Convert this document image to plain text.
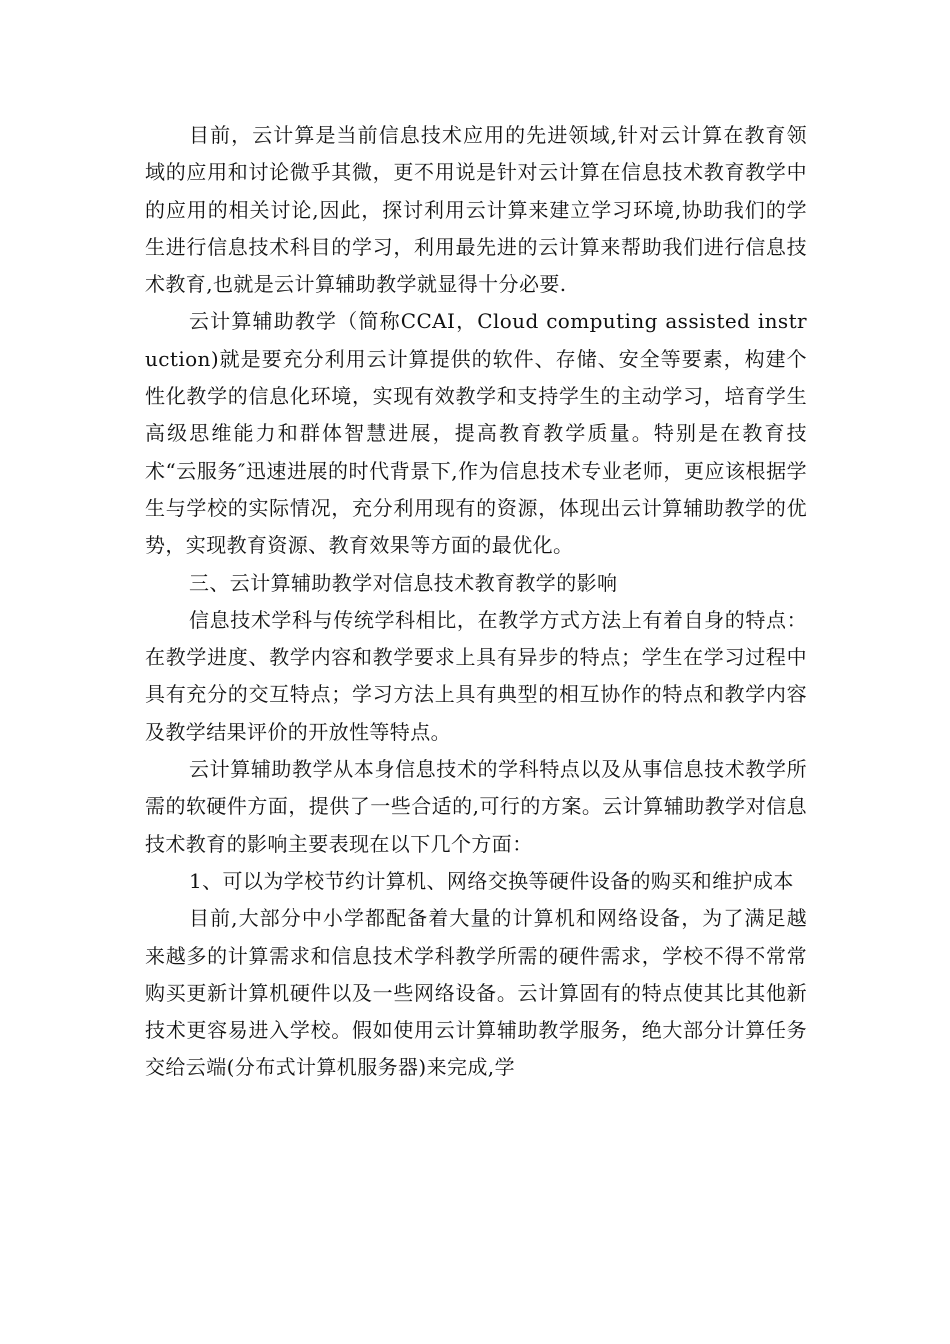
目前，云计算是当前信息技术应用的先进领域,针对云计算在教育领域的应用和讨论微乎其微，更不用说是针对云计算在信息技术教育教学中的应用的相关讨论,因此，探讨利用云计算来建立学习环境,协助我们的学生进行信息技术科目的学习，利用最先进的云计算来帮助我们进行信息技术教育,也就是云计算辅助教学就显得十分必要.

云计算辅助教学（简称CCAI，Cloud computing assisted instruction)就是要充分利用云计算提供的软件、存储、安全等要素，构建个性化教学的信息化环境，实现有效教学和支持学生的主动学习，培育学生高级思维能力和群体智慧进展，提高教育教学质量。特别是在教育技术“云服务″迅速进展的时代背景下,作为信息技术专业老师，更应该根据学生与学校的实际情况，充分利用现有的资源，体现出云计算辅助教学的优势，实现教育资源、教育效果等方面的最优化。

三、云计算辅助教学对信息技术教育教学的影响

信息技术学科与传统学科相比，在教学方式方法上有着自身的特点：在教学进度、教学内容和教学要求上具有异步的特点；学生在学习过程中具有充分的交互特点；学习方法上具有典型的相互协作的特点和教学内容及教学结果评价的开放性等特点。

云计算辅助教学从本身信息技术的学科特点以及从事信息技术教学所需的软硬件方面，提供了一些合适的,可行的方案。云计算辅助教学对信息技术教育的影响主要表现在以下几个方面：

1、可以为学校节约计算机、网络交换等硬件设备的购买和维护成本

目前,大部分中小学都配备着大量的计算机和网络设备，为了满足越来越多的计算需求和信息技术学科教学所需的硬件需求，学校不得不常常购买更新计算机硬件以及一些网络设备。云计算固有的特点使其比其他新技术更容易进入学校。假如使用云计算辅助教学服务，绝大部分计算任务交给云端(分布式计算机服务器)来完成,学
